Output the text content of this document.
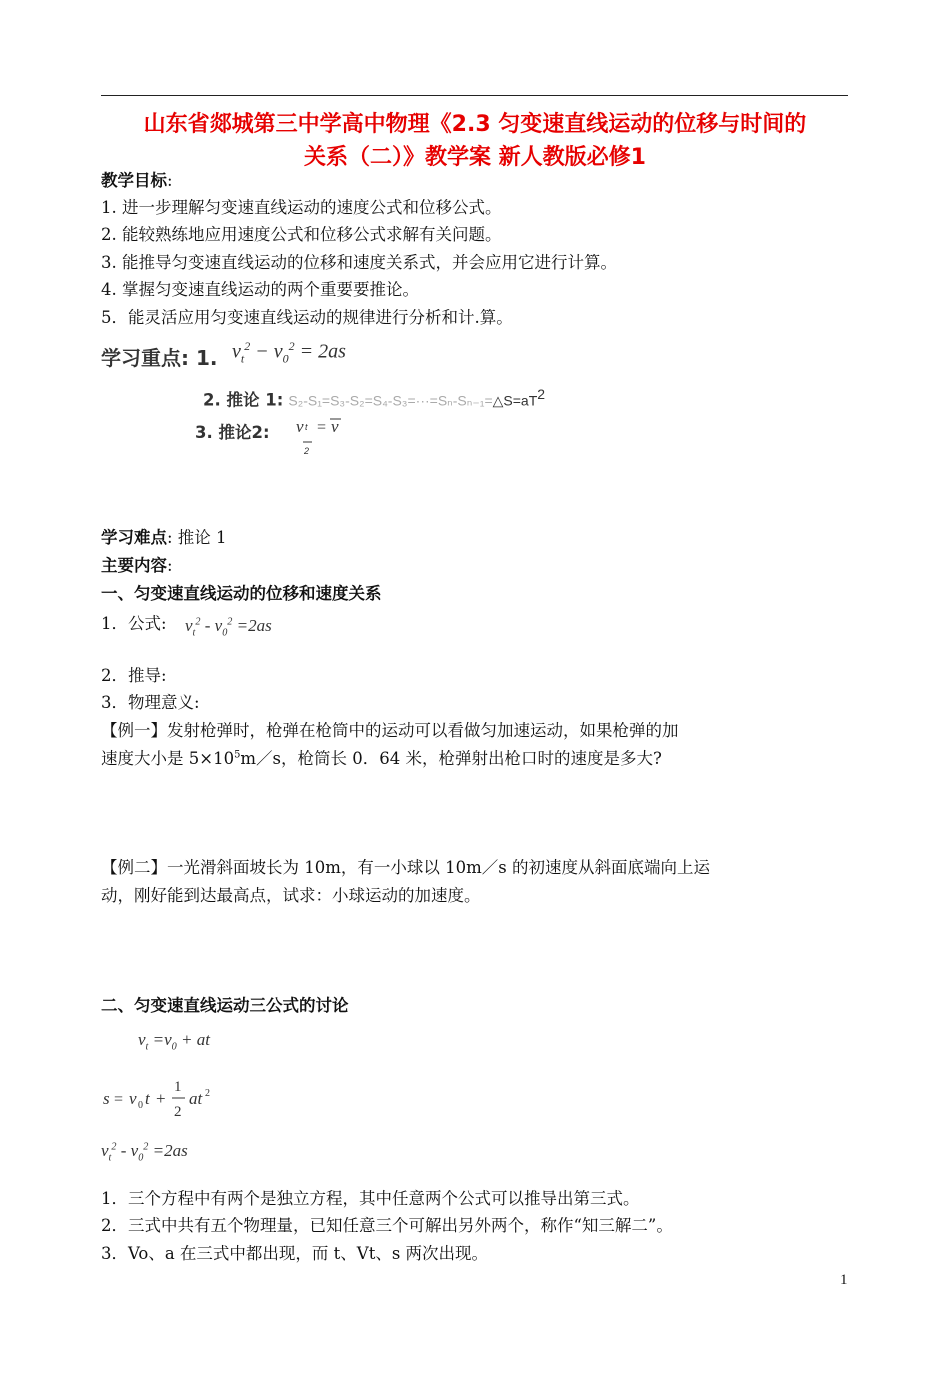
山东省郯城第三中学高中物理《2.3 匀变速直线运动的位移与时间的
关系（二）》教学案 新人教版必修1
教学目标:
1. 进一步理解匀变速直线运动的速度公式和位移公式。
2. 能较熟练地应用速度公式和位移公式求解有关问题。
3. 能推导匀变速直线运动的位移和速度关系式，并会应用它进行计算。
4. 掌握匀变速直线运动的两个重要要推论。
5．能灵活应用匀变速直线运动的规律进行分析和计.算。
学习重点: 1. $v_t^2 - v_0^2 = 2as$
2. 推论 1: $S_2-S_1=S_3-S_2=S_4-S_3=\cdot\cdot\cdot=S_n-S_{n-1}=\triangle S=aT^2$
3. 推论2: v t
2
= v
学习难点: 推论 1
主要内容:
一、匀变速直线运动的位移和速度关系
1．公式: $v_t^2 - v_0^2 =2as$
2．推导:
3．物理意义:
【例一】发射枪弹时，枪弹在枪筒中的运动可以看做匀加速运动，如果枪弹的加
速度大小是 $5\times 10^5m/s$，枪筒长 0．64 米，枪弹射出枪口时的速度是多大?
【例二】一光滑斜面坡长为 10m，有一小球以 10m／s 的初速度从斜面底端向上运
动，刚好能到达最高点，试求：小球运动的加速度。
二、匀变速直线运动三公式的讨论
$v_t =v_0$ + at
s = v 0 t +
1
2
at 2
$v_t^2 - v_0^2 =2as$
1．三个方程中有两个是独立方程，其中任意两个公式可以推导出第三式。
2．三式中共有五个物理量，已知任意三个可解出另外两个，称作“知三解二”。
3．Vo、a 在三式中都出现，而 t、Vt、s 两次出现。
1
